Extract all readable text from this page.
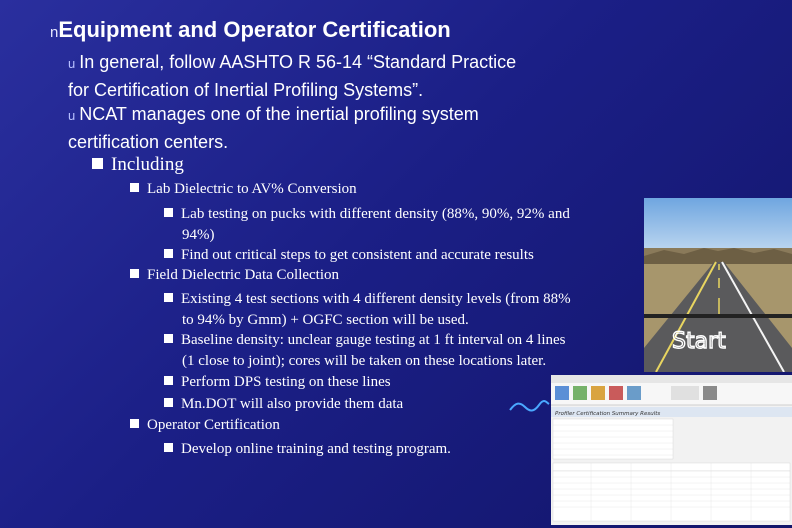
nEquipment and Operator Certification
u In general, follow AASHTO R 56‑14 “Standard Practice
for Certification of Inertial Profiling Systems”.
u NCAT manages one of the inertial profiling system
certification centers.
Including
Lab Dielectric to AV% Conversion
Lab testing on pucks with different density (88%, 90%, 92% and
94%)
Find out critical steps to get consistent and accurate results
Field Dielectric Data Collection
Existing 4 test sections with 4 different density levels (from 88%
to 94% by Gmm) + OGFC section will be used.
Baseline density: unclear gauge testing at 1 ft interval on 4 lines
(1 close to joint); cores will be taken on these locations later.
Perform DPS testing on these lines
Mn.DOT will also provide them data
Operator Certification
Develop online training and testing program.
Start
Profiler Certification Summary Results
